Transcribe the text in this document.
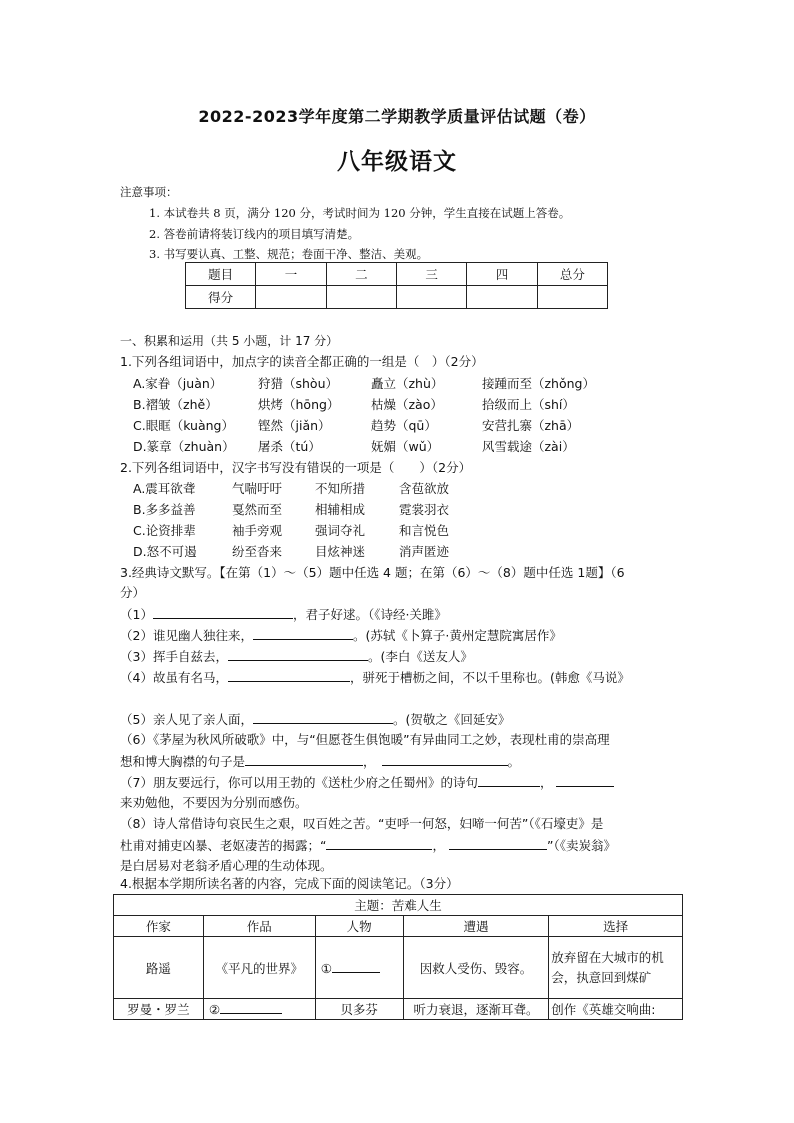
2022-2023学年度第二学期教学质量评估试题（卷）
八年级语文
注意事项：
1. 本试卷共 8 页，满分 120 分，考试时间为 120 分钟，学生直接在试题上答卷。
2. 答卷前请将装订线内的项目填写清楚。
3. 书写要认真、工整、规范；卷面干净、整洁、美观。
题目	一	二	三	四	总分
得分					
一、积累和运用（共 5 小题，计 17 分）
1.下列各组词语中，加点字的读音全都正确的一组是（　）（2分）
A.家眷（juàn）	狩猎（shòu）	矗立（zhù）	接踵而至（zhǒng）
B.褶皱（zhě）	烘烤（hōng）	枯燥（zào）	拾级而上（shí）
C.眼眶（kuàng） 铿然（jiǎn）	趋势（qū）	安营扎寨（zhā）
D.篆章（zhuàn） 屠杀（tú）	妩媚（wǔ）	风雪载途（zài）
2.下列各组词语中，汉字书写没有错误的一项是（　　）（2分）
A.震耳欲聋	气喘吁吁	不知所措	含苞欲放
B.多多益善	戛然而至	相辅相成	霓裳羽衣
C.论资排辈	袖手旁观	强词夺礼	和言悦色
D.怒不可遏	纷至沓来	目炫神迷	消声匿迹
3.经典诗文默写。【在第（1）～（5）题中任选 4 题；在第（6）～（8）题中任选 1题】（6
分）
（1）	，君子好逑。（《诗经·关雎》
（2）谁见幽人独往来，	。(苏轼《卜算子·黄州定慧院寓居作》
（3）挥手自兹去，	。(李白《送友人》
（4）故虽有名马，	，骈死于槽枥之间，不以千里称也。(韩愈《马说》
（5）亲人见了亲人面，	。(贺敬之《回延安》
（6）《茅屋为秋风所破歌》中，与“但愿苍生俱饱暖”有异曲同工之妙，表现杜甫的崇高理
想和博大胸襟的句子是	，	。
（7）朋友要远行，你可以用王勃的《送杜少府之任蜀州》的诗句	，
来劝勉他，不要因为分别而感伤。
（8）诗人常借诗句哀民生之艰，叹百姓之苦。“吏呼一何怒，妇啼一何苦”（《石壕吏》是
杜甫对捕吏凶暴、老妪凄苦的揭露；“	，	”（《卖炭翁》
是白居易对老翁矛盾心理的生动体现。
4.根据本学期所读名著的内容，完成下面的阅读笔记。（3分）
主题：苦难人生				
作家	作品	人物	遭遇	选择
路遥	《平凡的世界》	①	因救人受伤、毁容。	放弃留在大城市的机会，执意回到煤矿
罗曼・罗兰	②	贝多芬	听力衰退，逐渐耳聋。	创作《英雄交响曲:
